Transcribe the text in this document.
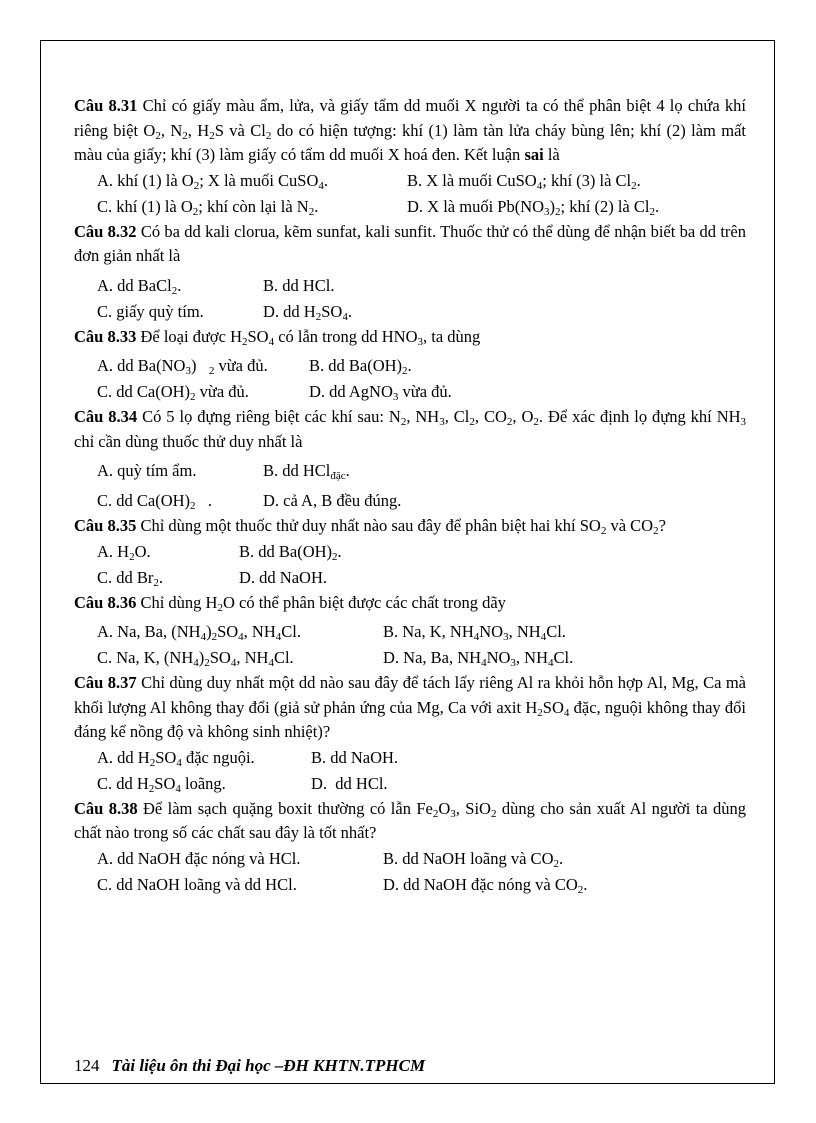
Câu 8.31 Chỉ có giấy màu ẩm, lửa, và giấy tẩm dd muối X người ta có thể phân biệt 4 lọ chứa khí riêng biệt $O_2$, $N_2$, $H_2S$ và $Cl_2$ do có hiện tượng: khí (1) làm tàn lửa cháy bùng lên; khí (2) làm mất màu của giấy; khí (3) làm giấy có tẩm dd muối X hoá đen. Kết luận sai là

A. khí (1) là $O_2$; X là muối CuSO$_4$.	B. X là muối CuSO$_4$; khí (3) là $Cl_2$.
C. khí (1) là $O_2$; khí còn lại là $N_2$.	D. X là muối $Pb(NO_3)_2$; khí (2) là $Cl_2$.

Câu 8.32 Có ba dd kali clorua, kẽm sunfat, kali sunfit. Thuốc thử có thể dùng để nhận biết ba dd trên đơn giản nhất là

A. dd BaCl$_2$.	B. dd HCl.
C. giấy quỳ tím.	D. dd $H_2SO_4$.

Câu 8.33 Để loại được $H_2SO_4$ có lẫn trong dd $HNO_3$, ta dùng

A. dd $Ba(NO_3)$   $_2$ vừa đủ.	B. dd $Ba(OH)_2$.
C. dd $Ca(OH)_2$ vừa đủ.	D. dd AgNO$_3$ vừa đủ.

Câu 8.34 Có 5 lọ đựng riêng biệt các khí sau: $N_2$, $NH_3$, $Cl_2$, $CO_2$, $O_2$. Để xác định lọ đựng khí $NH_3$ chỉ cần dùng thuốc thử duy nhất là

A. quỳ tím ẩm.	B. dd HCl$_{đặc}$.
C. dd $Ca(OH)_2$   .	D. cả A, B đều đúng.

Câu 8.35 Chỉ dùng một thuốc thử duy nhất nào sau đây để phân biệt hai khí $SO_2$ và $CO_2$?

A. $H_2O$.	B. dd $Ba(OH)_2$.
C. dd $Br_2$.	D. dd NaOH.

Câu 8.36 Chỉ dùng $H_2O$ có thể phân biệt được các chất trong dãy

A. Na, Ba, $(NH_4)_2SO_4$, $NH_4Cl$.	B. Na, K, $NH_4NO_3$, $NH_4Cl$.
C. Na, K, $(NH_4)_2SO_4$, $NH_4Cl$.	D. Na, Ba, $NH_4NO_3$, $NH_4Cl$.

Câu 8.37 Chỉ dùng duy nhất một dd nào sau đây để tách lấy riêng Al ra khỏi hỗn hợp Al, Mg, Ca mà khối lượng Al không thay đổi (giả sử phản ứng của Mg, Ca với axit $H_2SO_4$ đặc, nguội không thay đổi đáng kể nồng độ và không sinh nhiệt)?

A. dd $H_2SO_4$ đặc nguội.	B. dd NaOH.
C. dd $H_2SO_4$ loãng.	D.  dd HCl.

Câu 8.38 Để làm sạch quặng boxit thường có lẫn $Fe_2O_3$, SiO$_2$ dùng cho sản xuất Al người ta dùng chất nào trong số các chất sau đây là tốt nhất?

A. dd NaOH đặc nóng và HCl.	B. dd NaOH loãng và $CO_2$.
C. dd NaOH loãng và dd HCl.	D. dd NaOH đặc nóng và $CO_2$.
124 Tài liệu ôn thi Đại học –ĐH KHTN.TPHCM
